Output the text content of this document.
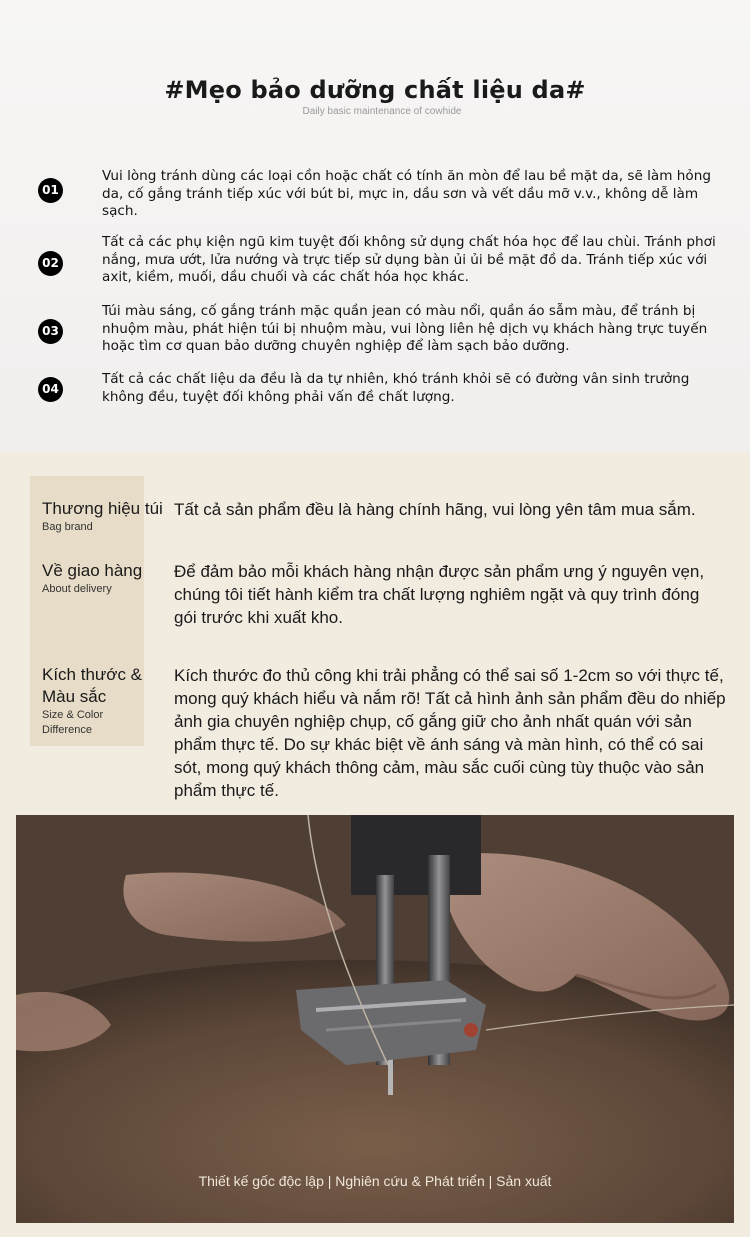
#Mẹo bảo dưỡng chất liệu da#
Daily basic maintenance of cowhide
01
Vui lòng tránh dùng các loại cồn hoặc chất có tính ăn mòn để lau bề mặt da, sẽ làm hỏng da, cố gắng tránh tiếp xúc với bút bi, mực in, dầu sơn và vết dầu mỡ v.v., không dễ làm sạch.
02
Tất cả các phụ kiện ngũ kim tuyệt đối không sử dụng chất hóa học để lau chùi. Tránh phơi nắng, mưa ướt, lửa nướng và trực tiếp sử dụng bàn ủi ủi bề mặt đồ da. Tránh tiếp xúc với axit, kiềm, muối, dầu chuối và các chất hóa học khác.
03
Túi màu sáng, cố gắng tránh mặc quần jean có màu nổi, quần áo sẫm màu, để tránh bị nhuộm màu, phát hiện túi bị nhuộm màu, vui lòng liên hệ dịch vụ khách hàng trực tuyến hoặc tìm cơ quan bảo dưỡng chuyên nghiệp để làm sạch bảo dưỡng.
04
Tất cả các chất liệu da đều là da tự nhiên, khó tránh khỏi sẽ có đường vân sinh trưởng không đều, tuyệt đối không phải vấn đề chất lượng.
Thương hiệu túi
Bag brand
Tất cả sản phẩm đều là hàng chính hãng, vui lòng yên tâm mua sắm.
Về giao hàng
About delivery
Để đảm bảo mỗi khách hàng nhận được sản phẩm ưng ý nguyên vẹn, chúng tôi tiết hành kiểm tra chất lượng nghiêm ngặt và quy trình đóng gói trước khi xuất kho.
Kích thước &
Màu sắc
Size & Color
Difference
Kích thước đo thủ công khi trải phẳng có thể sai số 1-2cm so với thực tế, mong quý khách hiểu và nắm rõ! Tất cả hình ảnh sản phẩm đều do nhiếp ảnh gia chuyên nghiệp chụp, cố gắng giữ cho ảnh nhất quán với sản phẩm thực tế. Do sự khác biệt về ánh sáng và màn hình, có thể có sai sót, mong quý khách thông cảm, màu sắc cuối cùng tùy thuộc vào sản phẩm thực tế.
Thiết kế gốc độc lập | Nghiên cứu & Phát triển | Sản xuất
